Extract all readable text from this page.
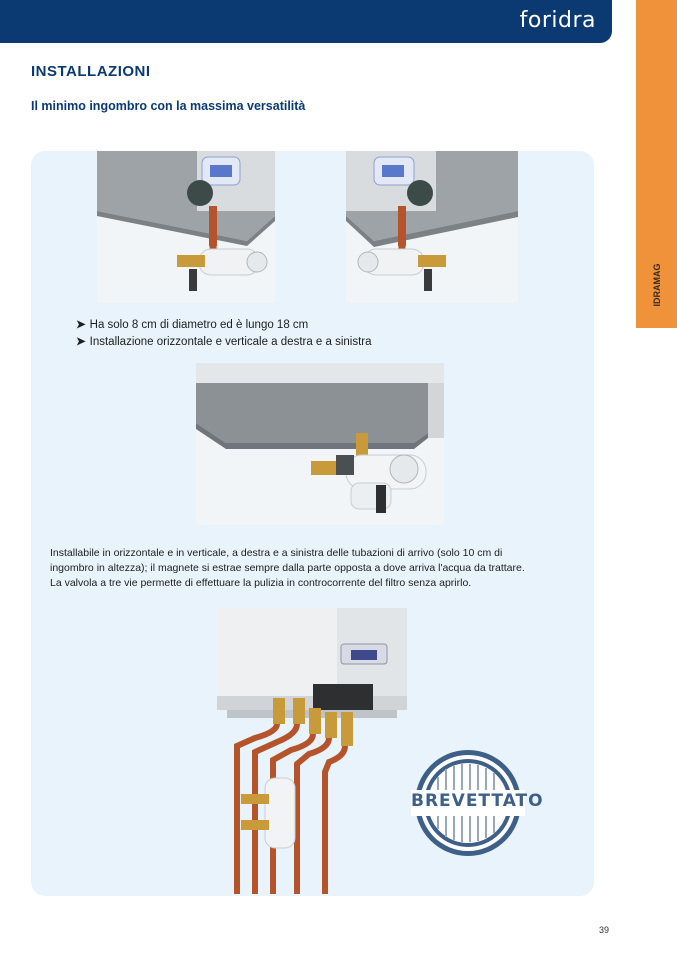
foridra
IDRAMAG
INSTALLAZIONI
Il minimo ingombro con la massima versatilità
➤ Ha solo 8 cm di diametro ed è lungo 18 cm
➤ Installazione orizzontale e verticale a destra e a sinistra
Installabile in orizzontale e in verticale, a destra e a sinistra delle tubazioni di arrivo (solo 10 cm di
ingombro in altezza); il magnete si estrae sempre dalla parte opposta a dove arriva l'acqua da trattare.
La valvola a tre vie permette di effettuare la pulizia in controcorrente del filtro senza aprirlo.
BREVETTATO
39
